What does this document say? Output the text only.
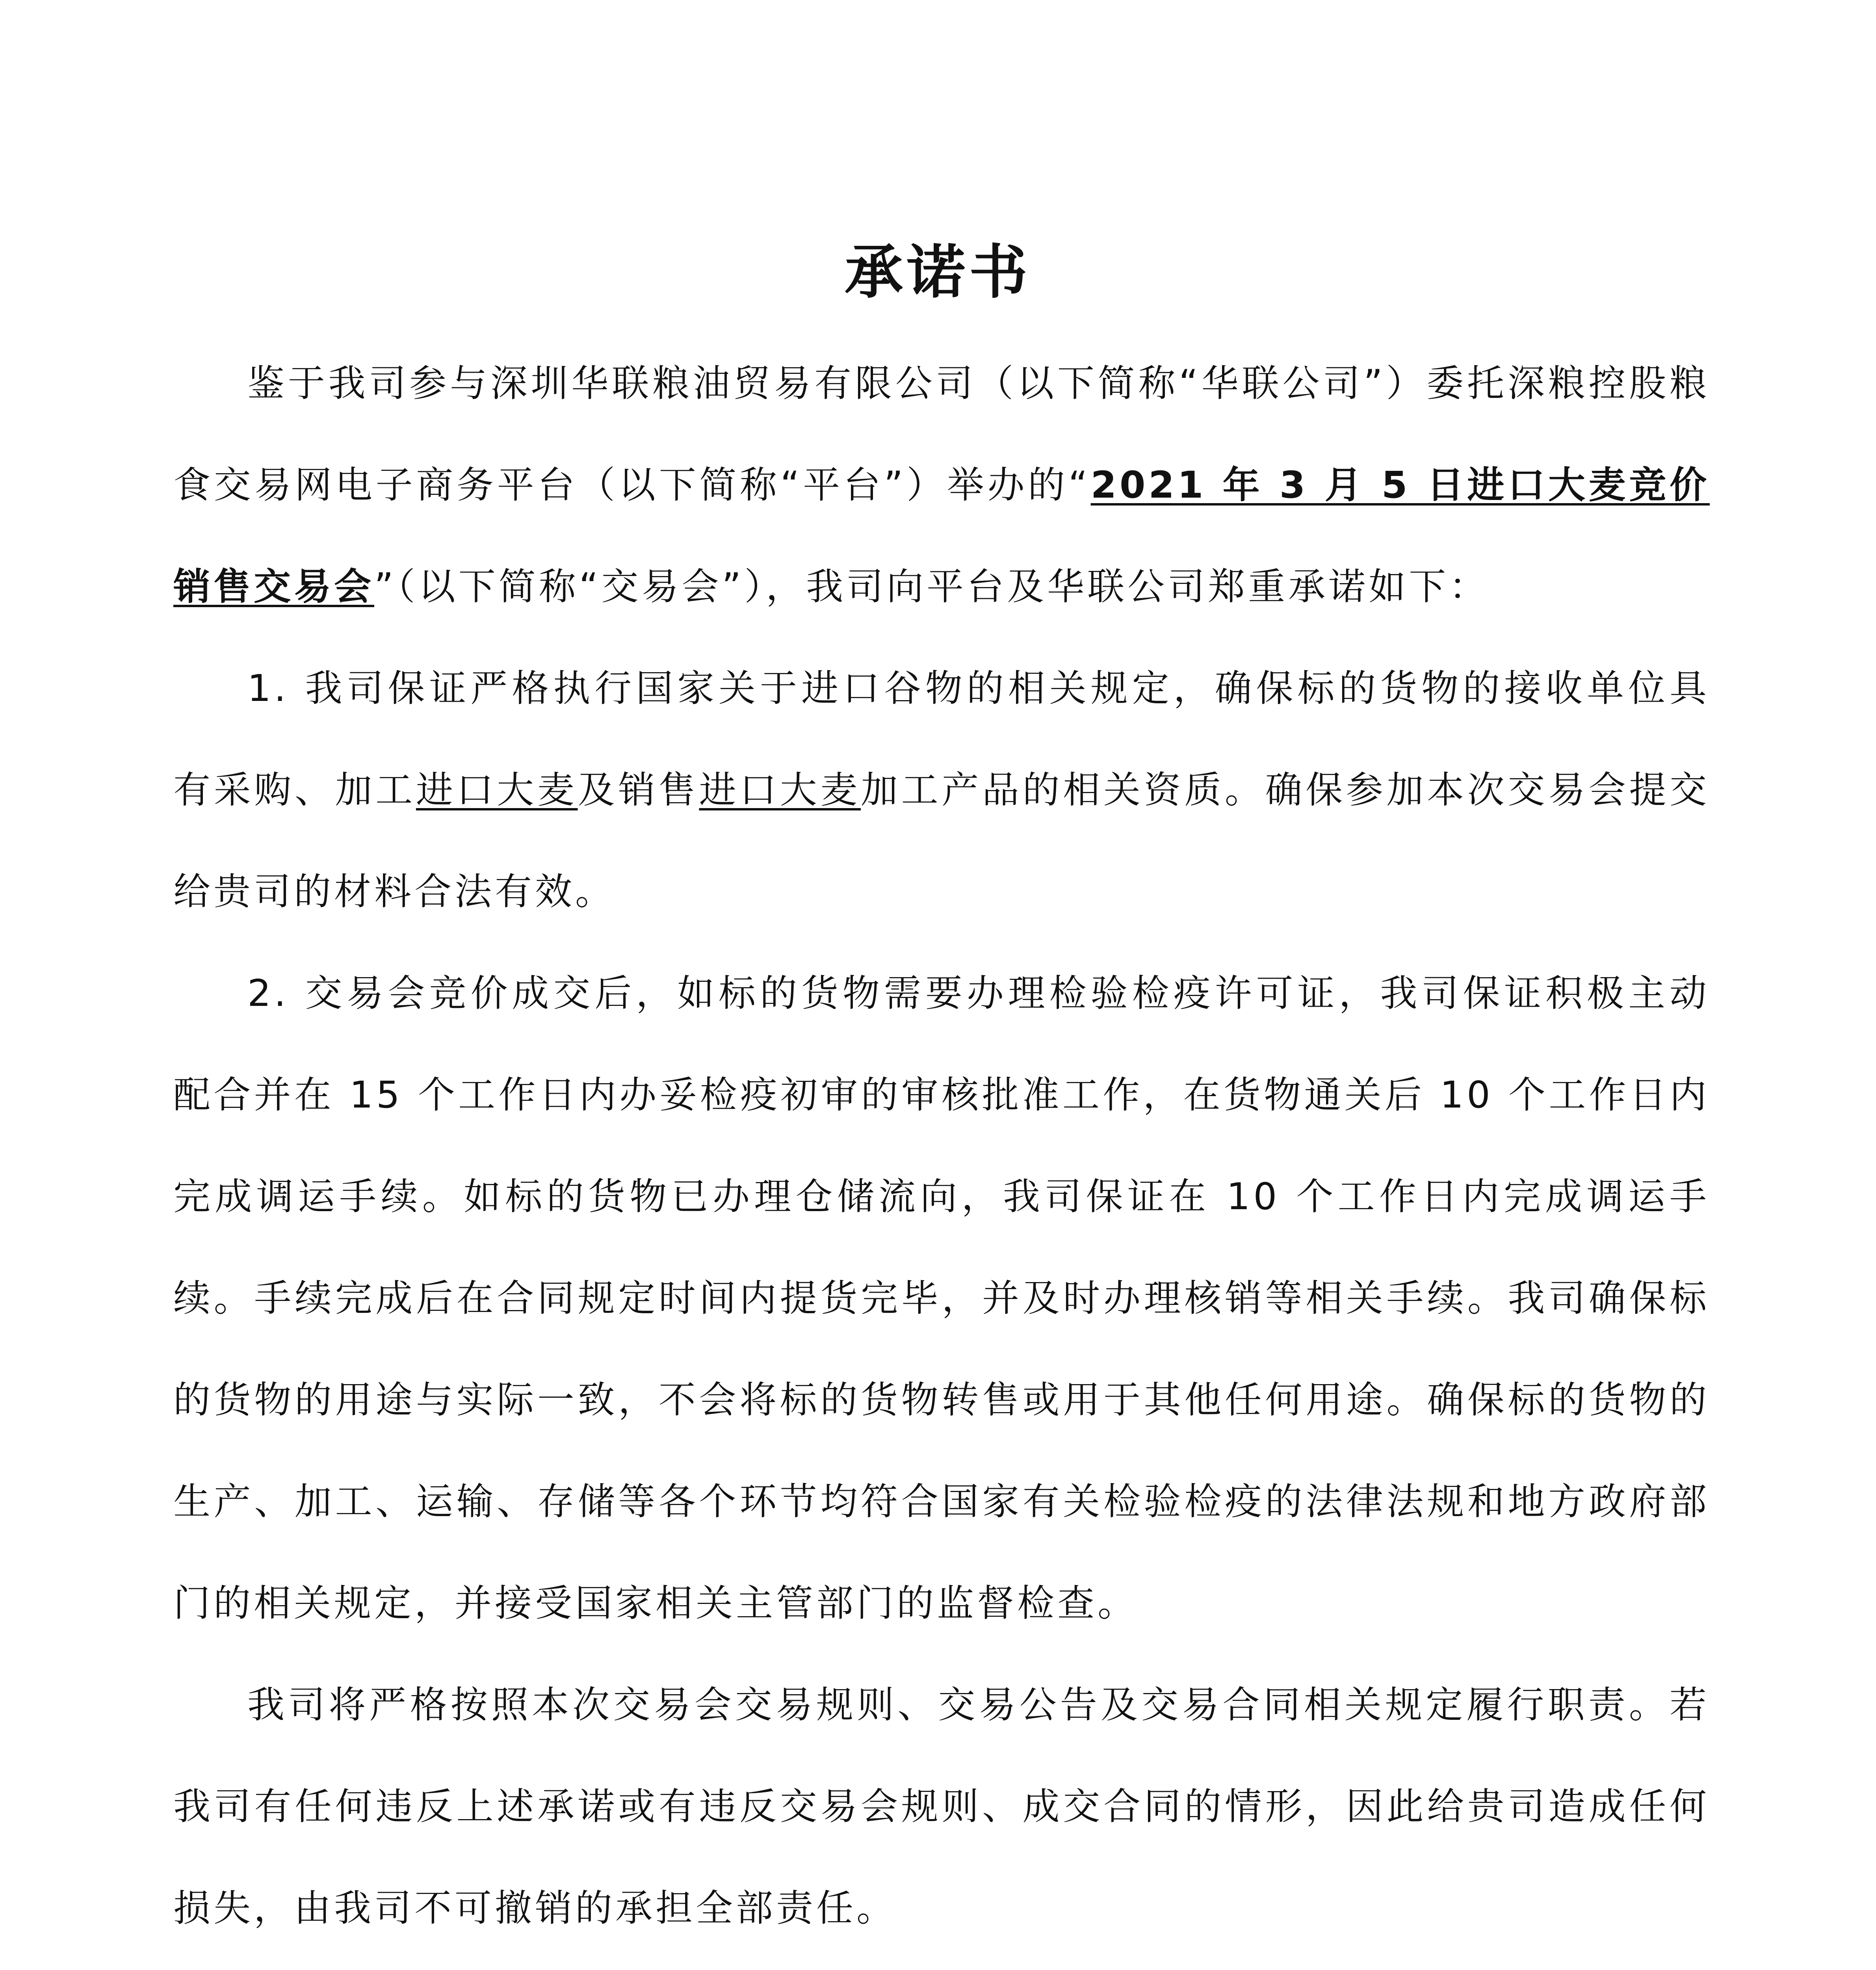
承诺书

鉴于我司参与深圳华联粮油贸易有限公司（以下简称“华联公司”）委托深粮控股粮食交易网电子商务平台（以下简称“平台”）举办的“2021 年 3 月 5 日进口大麦竞价销售交易会”（以下简称“交易会”），我司向平台及华联公司郑重承诺如下：

1. 我司保证严格执行国家关于进口谷物的相关规定，确保标的货物的接收单位具有采购、加工进口大麦及销售进口大麦加工产品的相关资质。确保参加本次交易会提交给贵司的材料合法有效。

2. 交易会竞价成交后，如标的货物需要办理检验检疫许可证，我司保证积极主动配合并在 15 个工作日内办妥检疫初审的审核批准工作，在货物通关后 10 个工作日内完成调运手续。如标的货物已办理仓储流向，我司保证在 10 个工作日内完成调运手续。手续完成后在合同规定时间内提货完毕，并及时办理核销等相关手续。我司确保标的货物的用途与实际一致，不会将标的货物转售或用于其他任何用途。确保标的货物的生产、加工、运输、存储等各个环节均符合国家有关检验检疫的法律法规和地方政府部门的相关规定，并接受国家相关主管部门的监督检查。

我司将严格按照本次交易会交易规则、交易公告及交易合同相关规定履行职责。若我司有任何违反上述承诺或有违反交易会规则、成交合同的情形，因此给贵司造成任何损失，由我司不可撤销的承担全部责任。
